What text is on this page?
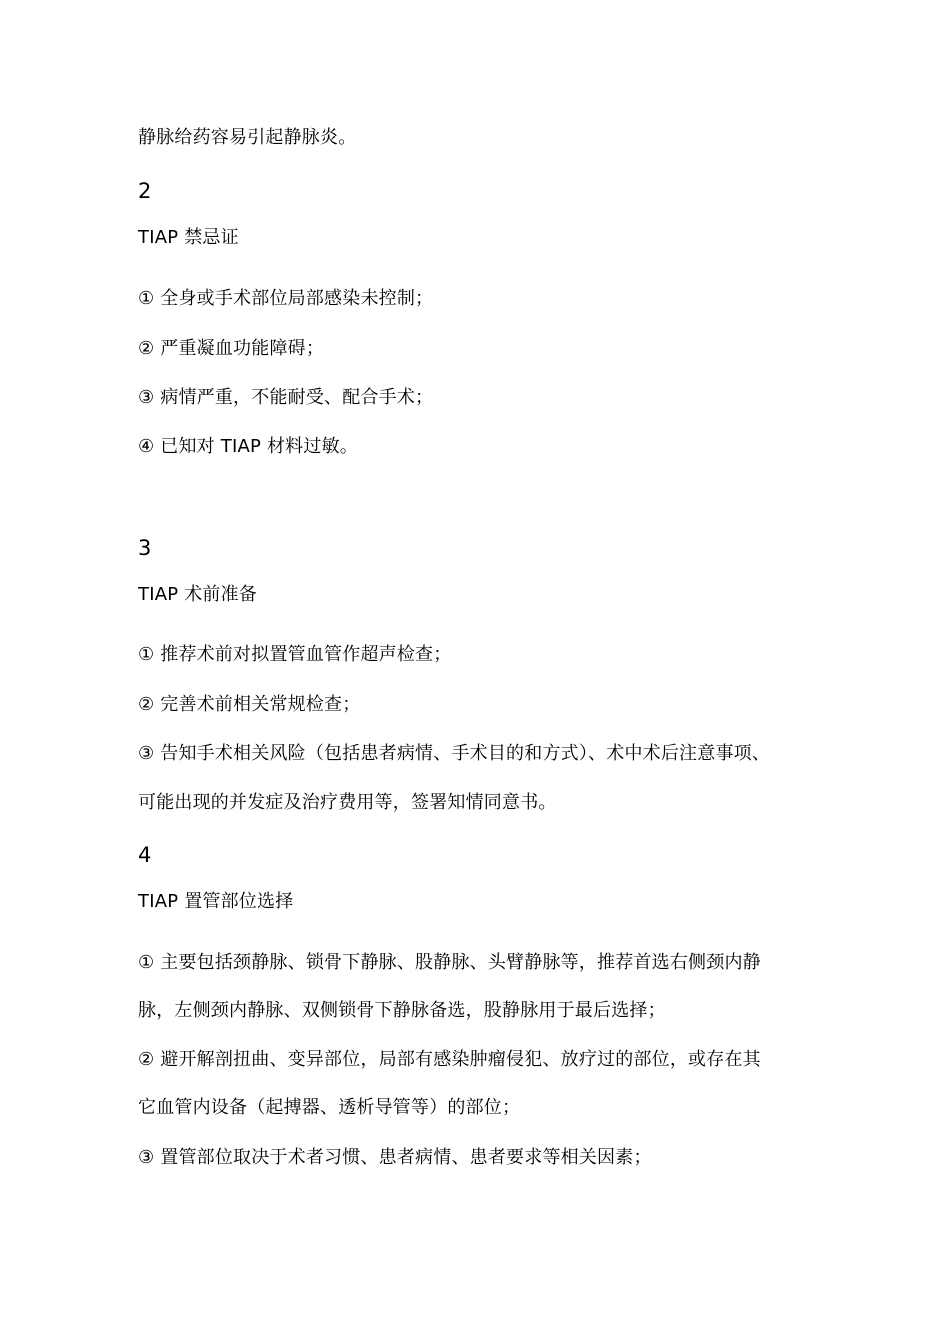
静脉给药容易引起静脉炎。
2
TIAP 禁忌证
① 全身或手术部位局部感染未控制；
② 严重凝血功能障碍；
③ 病情严重，不能耐受、配合手术；
④ 已知对 TIAP 材料过敏。
3
TIAP 术前准备
① 推荐术前对拟置管血管作超声检查；
② 完善术前相关常规检查；
③ 告知手术相关风险（包括患者病情、手术目的和方式）、术中术后注意事项、
可能出现的并发症及治疗费用等，签署知情同意书。
4
TIAP 置管部位选择
① 主要包括颈静脉、锁骨下静脉、股静脉、头臂静脉等，推荐首选右侧颈内静
脉，左侧颈内静脉、双侧锁骨下静脉备选，股静脉用于最后选择；
② 避开解剖扭曲、变异部位，局部有感染肿瘤侵犯、放疗过的部位，或存在其
它血管内设备（起搏器、透析导管等）的部位；
③ 置管部位取决于术者习惯、患者病情、患者要求等相关因素；
